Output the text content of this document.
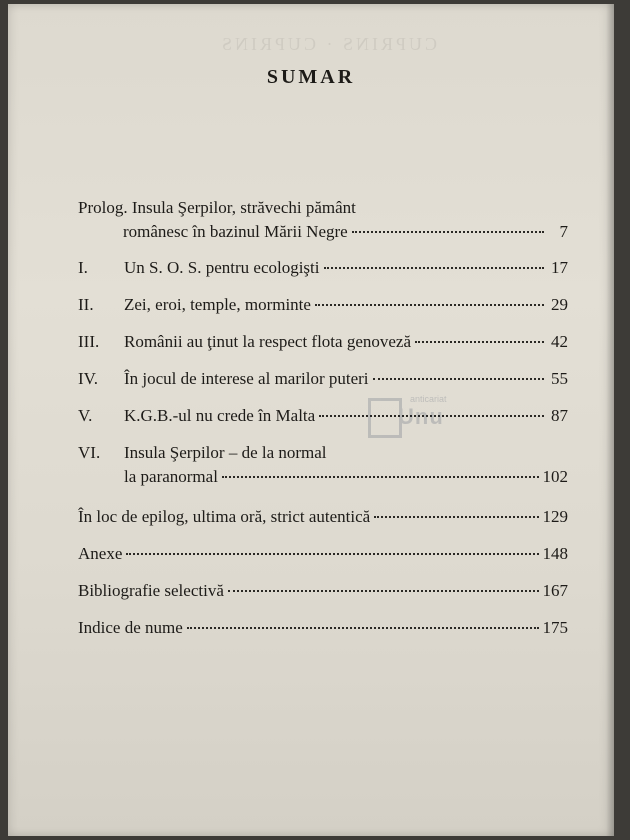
CUPRINS · CUPRINS
SUMAR
Prolog.
Insula Şerpilor, străvechi pământ
românesc în bazinul Mării Negre	7
I.	Un S. O. S. pentru ecologişti	17
II.	Zei, eroi, temple, morminte	29
III.	Românii au ţinut la respect flota genoveză	42
IV.	În jocul de interese al marilor puteri	55
V.	K.G.B.-ul nu crede în Malta	87
VI.	Insula Şerpilor – de la normal
la paranormal	102
În loc de epilog, ultima oră, strict autentică	129
Anexe	148
Bibliografie selectivă	167
Indice de nume	175
anticariat
Unu
